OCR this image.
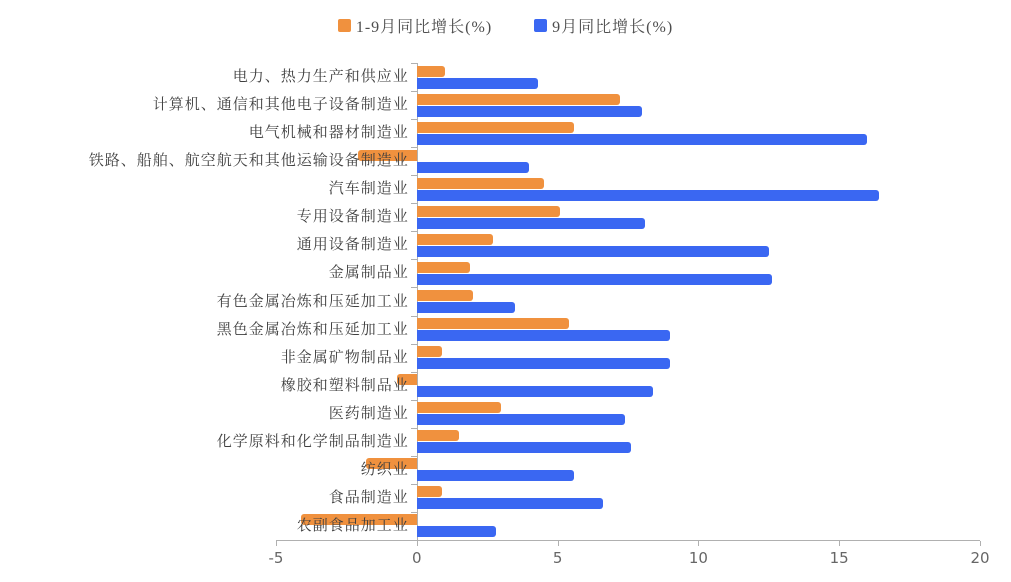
1-9月同比增长(%)	9月同比增长(%)
-5	0	5	10	15	20
电力、热力生产和供应业
计算机、通信和其他电子设备制造业
电气机械和器材制造业
铁路、船舶、航空航天和其他运输设备制造业
汽车制造业
专用设备制造业
通用设备制造业
金属制品业
有色金属冶炼和压延加工业
黑色金属冶炼和压延加工业
非金属矿物制品业
橡胶和塑料制品业
医药制造业
化学原料和化学制品制造业
纺织业
食品制造业
农副食品加工业
